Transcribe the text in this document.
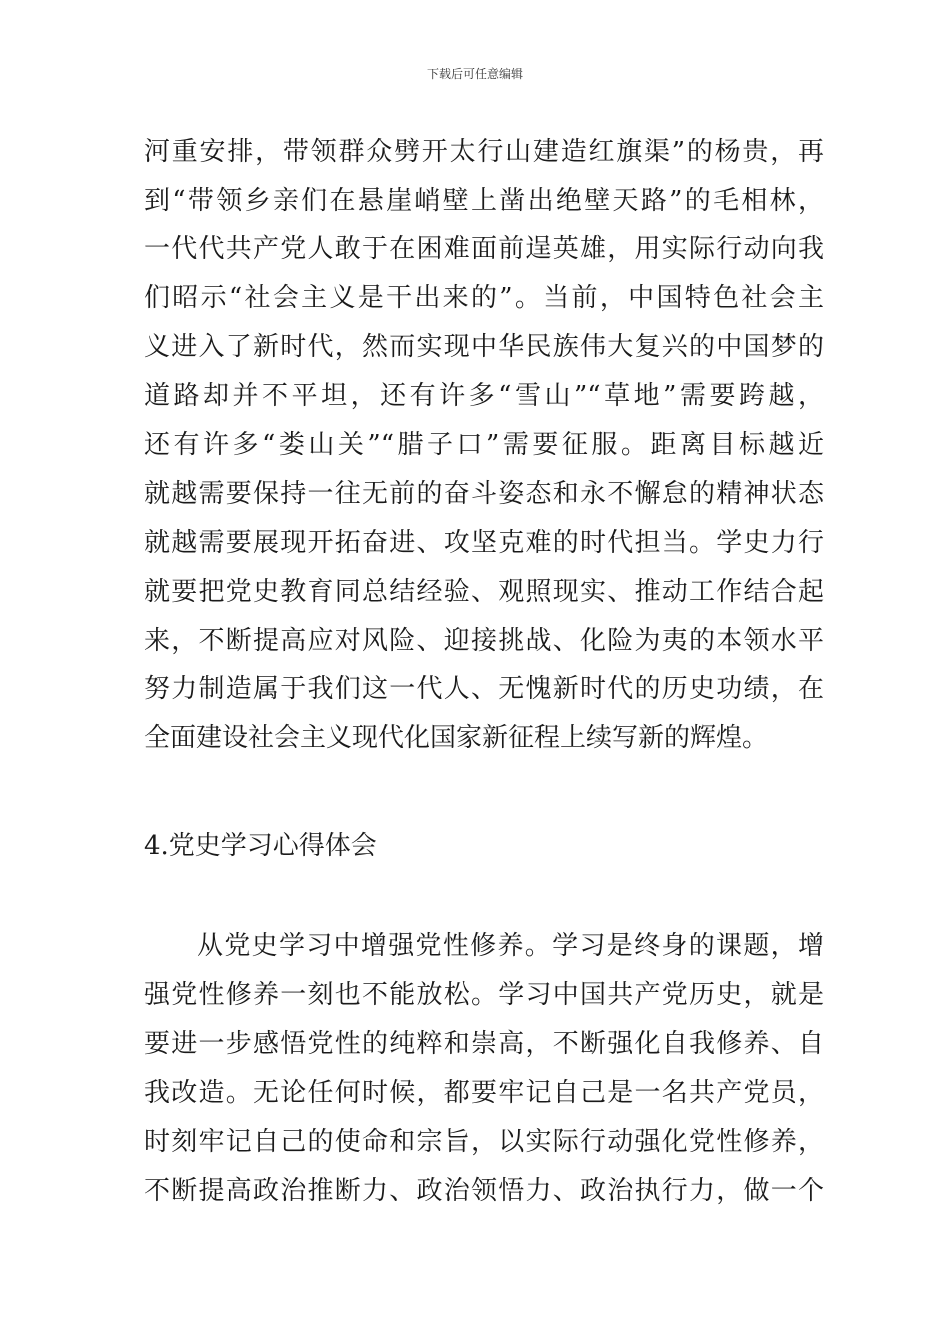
下载后可任意编辑
河重安排，带领群众劈开太行山建造红旗渠”的杨贵，再
到“带领乡亲们在悬崖峭壁上凿出绝壁天路”的毛相林，
一代代共产党人敢于在困难面前逞英雄，用实际行动向我
们昭示“社会主义是干出来的”。当前，中国特色社会主
义进入了新时代，然而实现中华民族伟大复兴的中国梦的
道路却并不平坦，还有许多“雪山”“草地”需要跨越，
还有许多“娄山关”“腊子口”需要征服。距离目标越近
就越需要保持一往无前的奋斗姿态和永不懈怠的精神状态
就越需要展现开拓奋进、攻坚克难的时代担当。学史力行
就要把党史教育同总结经验、观照现实、推动工作结合起
来，不断提高应对风险、迎接挑战、化险为夷的本领水平
努力制造属于我们这一代人、无愧新时代的历史功绩，在
全面建设社会主义现代化国家新征程上续写新的辉煌。
4.党史学习心得体会
从党史学习中增强党性修养。学习是终身的课题，增
强党性修养一刻也不能放松。学习中国共产党历史，就是
要进一步感悟党性的纯粹和崇高，不断强化自我修养、自
我改造。无论任何时候，都要牢记自己是一名共产党员，
时刻牢记自己的使命和宗旨，以实际行动强化党性修养，
不断提高政治推断力、政治领悟力、政治执行力，做一个
